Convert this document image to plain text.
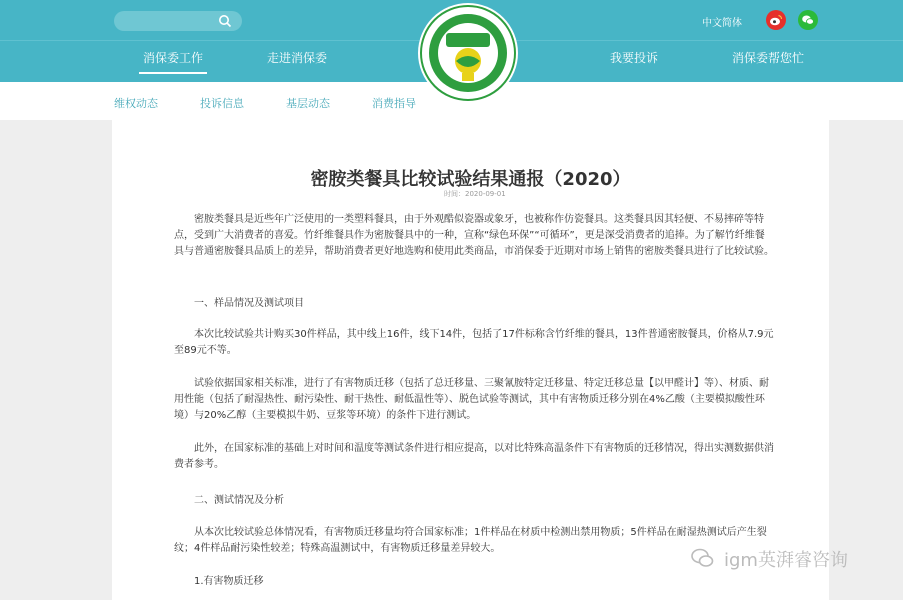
中文简体
消保委工作	走进消保委	我要投诉	消保委帮您忙
维权动态	投诉信息	基层动态	消费指导
密胺类餐具比较试验结果通报（2020）
时间：2020-09-01

密胺类餐具是近些年广泛使用的一类塑料餐具，由于外观酷似瓷器或象牙，也被称作仿瓷餐具。这类餐具因其轻便、不易摔碎等特点，受到广大消费者的喜爱。竹纤维餐具作为密胺餐具中的一种，宣称“绿色环保”“可循环”，更是深受消费者的追捧。为了解竹纤维餐具与普通密胺餐具品质上的差异，帮助消费者更好地选购和使用此类商品，市消保委于近期对市场上销售的密胺类餐具进行了比较试验。

一、样品情况及测试项目

本次比较试验共计购买30件样品，其中线上16件，线下14件，包括了17件标称含竹纤维的餐具，13件普通密胺餐具，价格从7.9元至89元不等。

试验依据国家相关标准，进行了有害物质迁移（包括了总迁移量、三聚氰胺特定迁移量、特定迁移总量【以甲醛计】等）、材质、耐用性能（包括了耐湿热性、耐污染性、耐干热性、耐低温性等）、脱色试验等测试，其中有害物质迁移分别在4%乙酸（主要模拟酸性环境）与20%乙醇（主要模拟牛奶、豆浆等环境）的条件下进行测试。

此外，在国家标准的基础上对时间和温度等测试条件进行相应提高，以对比特殊高温条件下有害物质的迁移情况，得出实测数据供消费者参考。

二、测试情况及分析

从本次比较试验总体情况看，有害物质迁移量均符合国家标准；1件样品在材质中检测出禁用物质；5件样品在耐湿热测试后产生裂纹；4件样品耐污染性较差；特殊高温测试中，有害物质迁移量差异较大。

1.有害物质迁移

igm英湃睿咨询
